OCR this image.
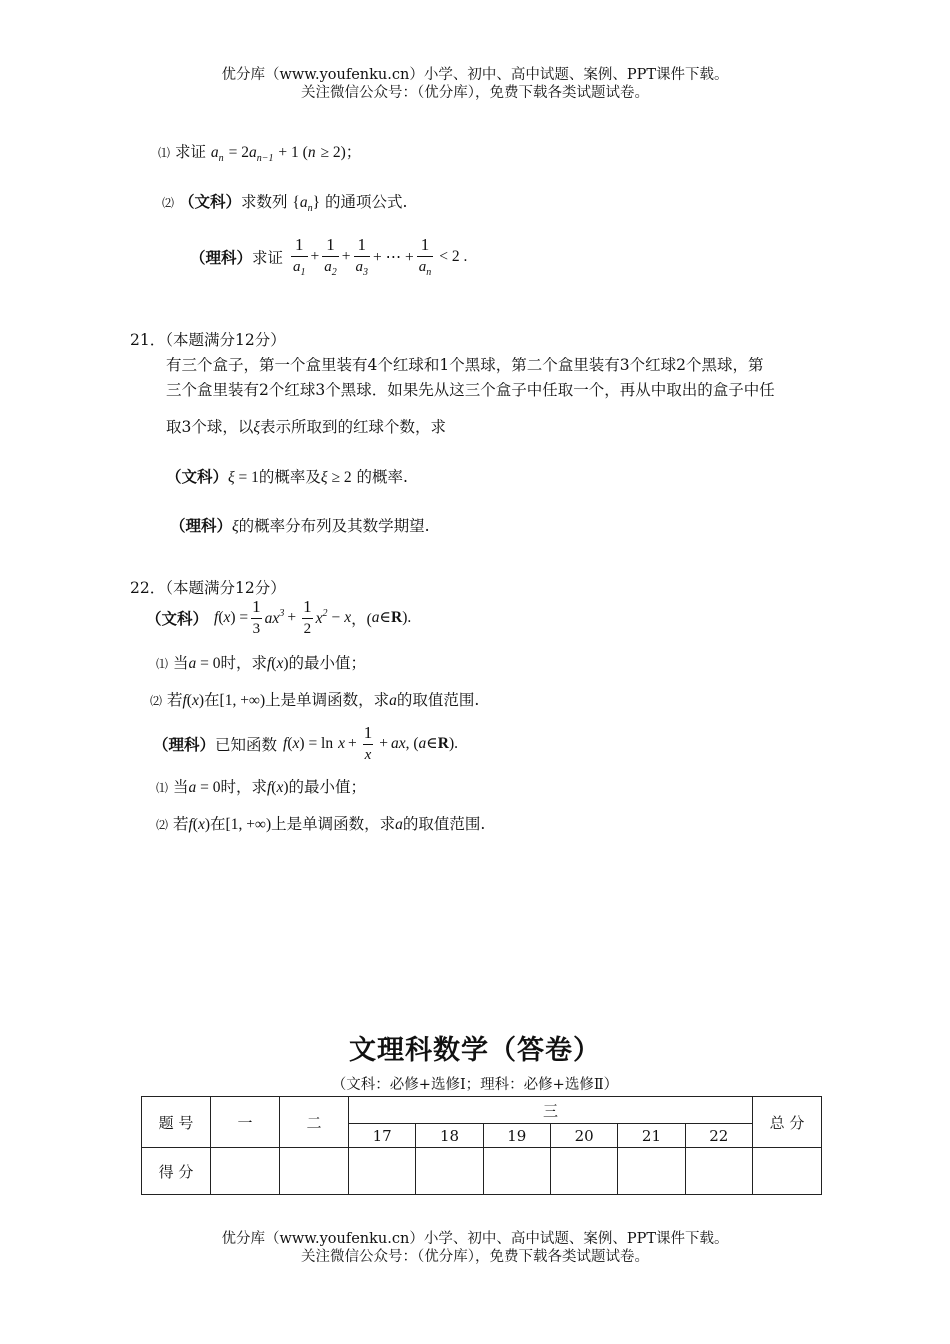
优分库（www.youfenku.cn）小学、初中、高中试题、案例、PPT课件下载。
关注微信公众号：（优分库），免费下载各类试题试卷。
⑴ 求证 $a_n = 2a_{n-1} + 1$ (n ≥ 2)；
⑵ （文科）求数列 $\{a_n\}$ 的通项公式.
（理科） 求证 $\frac{1}{a_1} + \frac{1}{a_2} + \frac{1}{a_3}$ + ⋯ + $\frac{1}{a_n} < 2$ .
21．（本题满分12分）
有三个盒子，第一个盒里装有4个红球和1个黑球，第二个盒里装有3个红球2个黑球，第
三个盒里装有2个红球3个黑球．如果先从这三个盒子中任取一个，再从中取出的盒子中任
取3个球，以ξ表示所取到的红球个数，求
（文科）ξ = 1的概率及ξ ≥ 2 的概率.
（理科）ξ的概率分布列及其数学期望.
22．（本题满分12分）
（文科） f ( x ) = $\frac{1}{3} ax^3 + \frac{1}{2} x^2 - x$ ，( a ∈ R ).
⑴ 当a = 0时，求f(x)的最小值；
⑵ 若f(x)在[1, +∞)上是单调函数，求a的取值范围.
（理科） 已知函数 f ( x ) = ln
$x + \frac{1}{x}$ + ax , ( a ∈ R ).
⑴ 当a = 0时，求f(x)的最小值；
⑵ 若f(x)在[1, +∞)上是单调函数，求a的取值范围.
文理科数学（答卷）
（文科：必修+选修Ⅰ；理科：必修+选修Ⅱ）
题 号	一	二	三						总 分
			17	18	19	20	21	22	
得 分									
优分库（www.youfenku.cn）小学、初中、高中试题、案例、PPT课件下载。
关注微信公众号：（优分库），免费下载各类试题试卷。
